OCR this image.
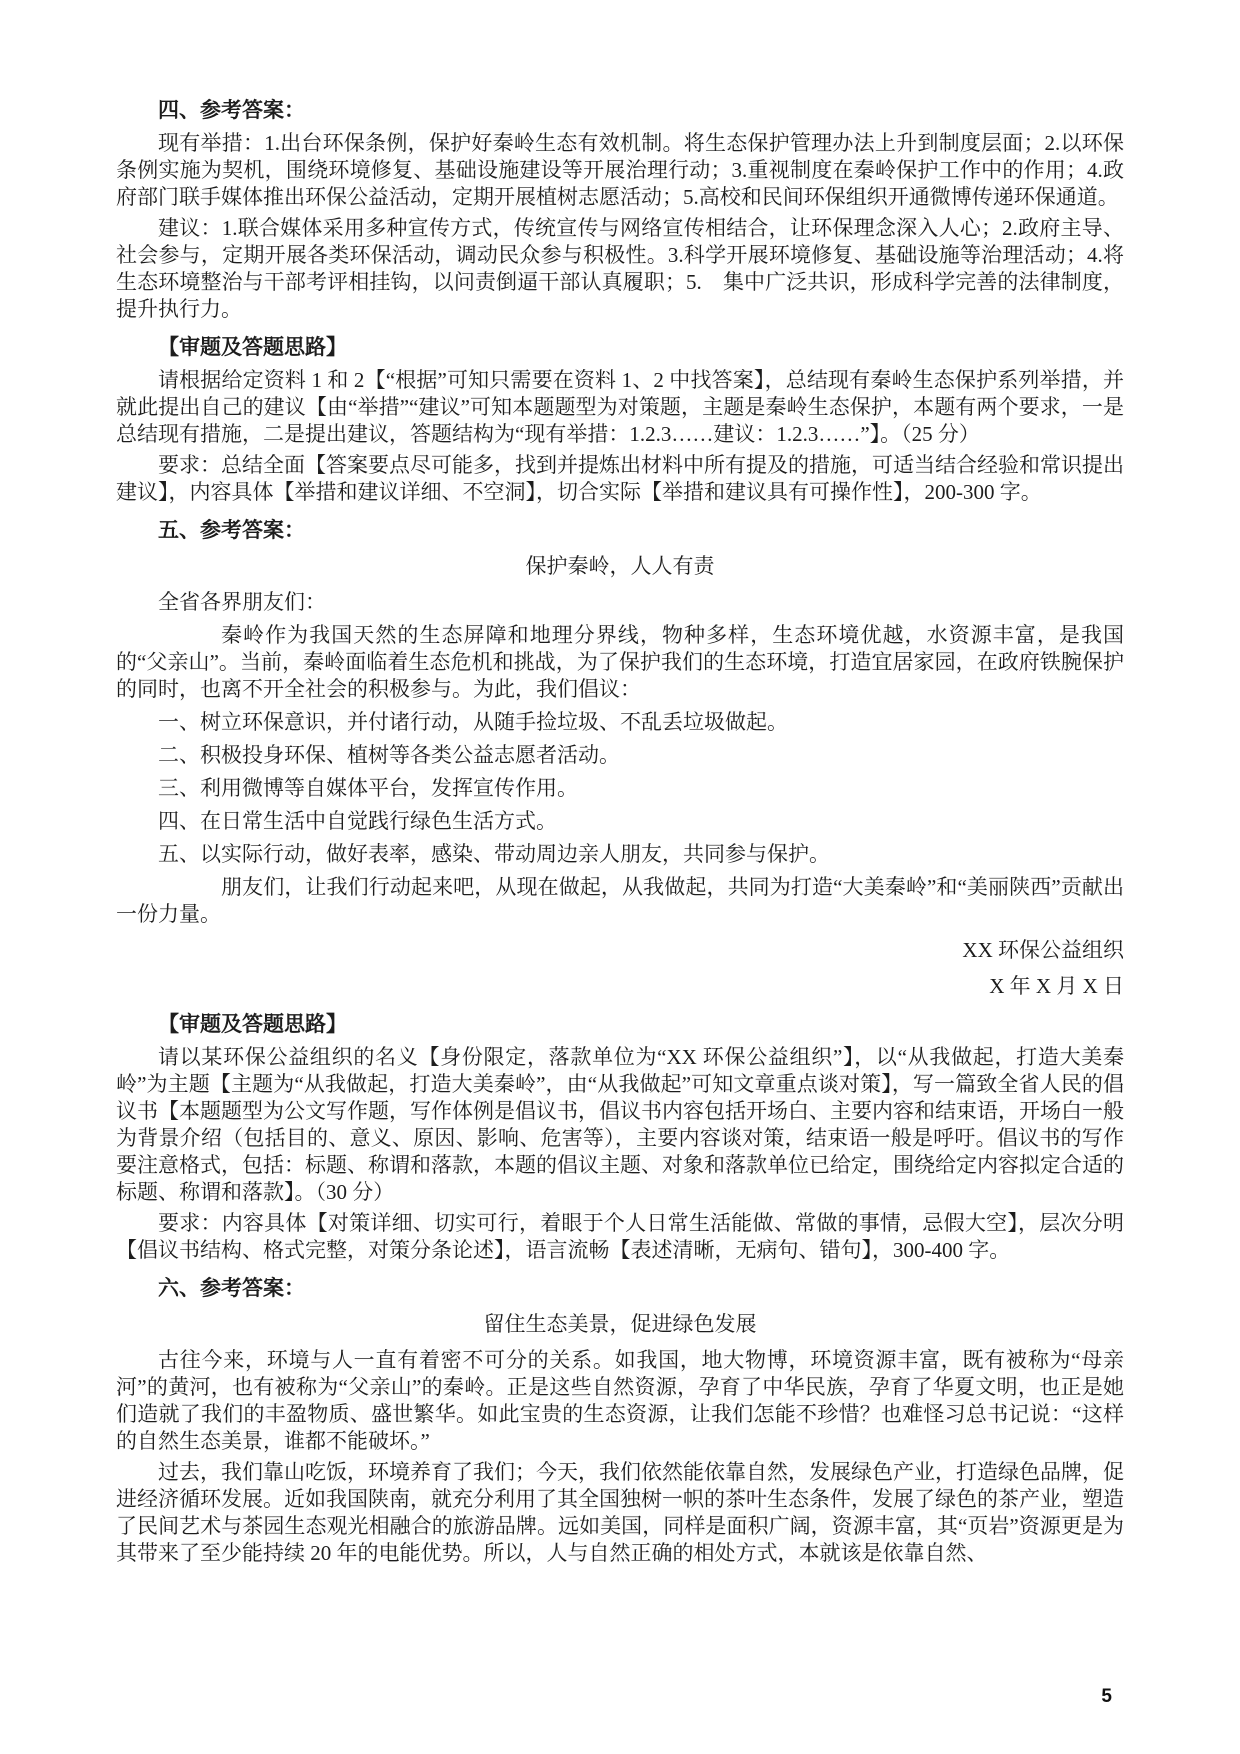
四、参考答案：

现有举措：1.出台环保条例，保护好秦岭生态有效机制。将生态保护管理办法上升到制度层面；2.以环保条例实施为契机，围绕环境修复、基础设施建设等开展治理行动；3.重视制度在秦岭保护工作中的作用；4.政府部门联手媒体推出环保公益活动，定期开展植树志愿活动；5.高校和民间环保组织开通微博传递环保通道。

建议：1.联合媒体采用多种宣传方式，传统宣传与网络宣传相结合，让环保理念深入人心；2.政府主导、社会参与，定期开展各类环保活动，调动民众参与积极性。3.科学开展环境修复、基础设施等治理活动；4.将生态环境整治与干部考评相挂钩，以问责倒逼干部认真履职；5.　集中广泛共识，形成科学完善的法律制度，提升执行力。

【审题及答题思路】

请根据给定资料 1 和 2【“根据”可知只需要在资料 1、2 中找答案】，总结现有秦岭生态保护系列举措，并就此提出自己的建议【由“举措”“建议”可知本题题型为对策题，主题是秦岭生态保护，本题有两个要求，一是总结现有措施，二是提出建议，答题结构为“现有举措：1.2.3……建议：1.2.3……”】。（25 分）

要求：总结全面【答案要点尽可能多，找到并提炼出材料中所有提及的措施，可适当结合经验和常识提出建议】，内容具体【举措和建议详细、不空洞】，切合实际【举措和建议具有可操作性】，200-300 字。

五、参考答案：

保护秦岭，人人有责

全省各界朋友们：

秦岭作为我国天然的生态屏障和地理分界线，物种多样，生态环境优越，水资源丰富，是我国的“父亲山”。当前，秦岭面临着生态危机和挑战，为了保护我们的生态环境，打造宜居家园，在政府铁腕保护的同时，也离不开全社会的积极参与。为此，我们倡议：

一、树立环保意识，并付诸行动，从随手捡垃圾、不乱丢垃圾做起。

二、积极投身环保、植树等各类公益志愿者活动。

三、利用微博等自媒体平台，发挥宣传作用。

四、在日常生活中自觉践行绿色生活方式。

五、以实际行动，做好表率，感染、带动周边亲人朋友，共同参与保护。

朋友们，让我们行动起来吧，从现在做起，从我做起，共同为打造“大美秦岭”和“美丽陕西”贡献出一份力量。

XX 环保公益组织

X 年 X 月 X 日

【审题及答题思路】

请以某环保公益组织的名义【身份限定，落款单位为“XX 环保公益组织”】，以“从我做起，打造大美秦岭”为主题【主题为“从我做起，打造大美秦岭”，由“从我做起”可知文章重点谈对策】，写一篇致全省人民的倡议书【本题题型为公文写作题，写作体例是倡议书，倡议书内容包括开场白、主要内容和结束语，开场白一般为背景介绍（包括目的、意义、原因、影响、危害等），主要内容谈对策，结束语一般是呼吁。倡议书的写作要注意格式，包括：标题、称谓和落款，本题的倡议主题、对象和落款单位已给定，围绕给定内容拟定合适的标题、称谓和落款】。（30 分）

要求：内容具体【对策详细、切实可行，着眼于个人日常生活能做、常做的事情，忌假大空】，层次分明【倡议书结构、格式完整，对策分条论述】，语言流畅【表述清晰，无病句、错句】，300-400 字。

六、参考答案：

留住生态美景，促进绿色发展

古往今来，环境与人一直有着密不可分的关系。如我国，地大物博，环境资源丰富，既有被称为“母亲河”的黄河，也有被称为“父亲山”的秦岭。正是这些自然资源，孕育了中华民族，孕育了华夏文明，也正是她们造就了我们的丰盈物质、盛世繁华。如此宝贵的生态资源，让我们怎能不珍惜？也难怪习总书记说：“这样的自然生态美景，谁都不能破坏。”

过去，我们靠山吃饭，环境养育了我们；今天，我们依然能依靠自然，发展绿色产业，打造绿色品牌，促进经济循环发展。近如我国陕南，就充分利用了其全国独树一帜的茶叶生态条件，发展了绿色的茶产业，塑造了民间艺术与茶园生态观光相融合的旅游品牌。远如美国，同样是面积广阔，资源丰富，其“页岩”资源更是为其带来了至少能持续 20 年的电能优势。所以，人与自然正确的相处方式，本就该是依靠自然、

5
